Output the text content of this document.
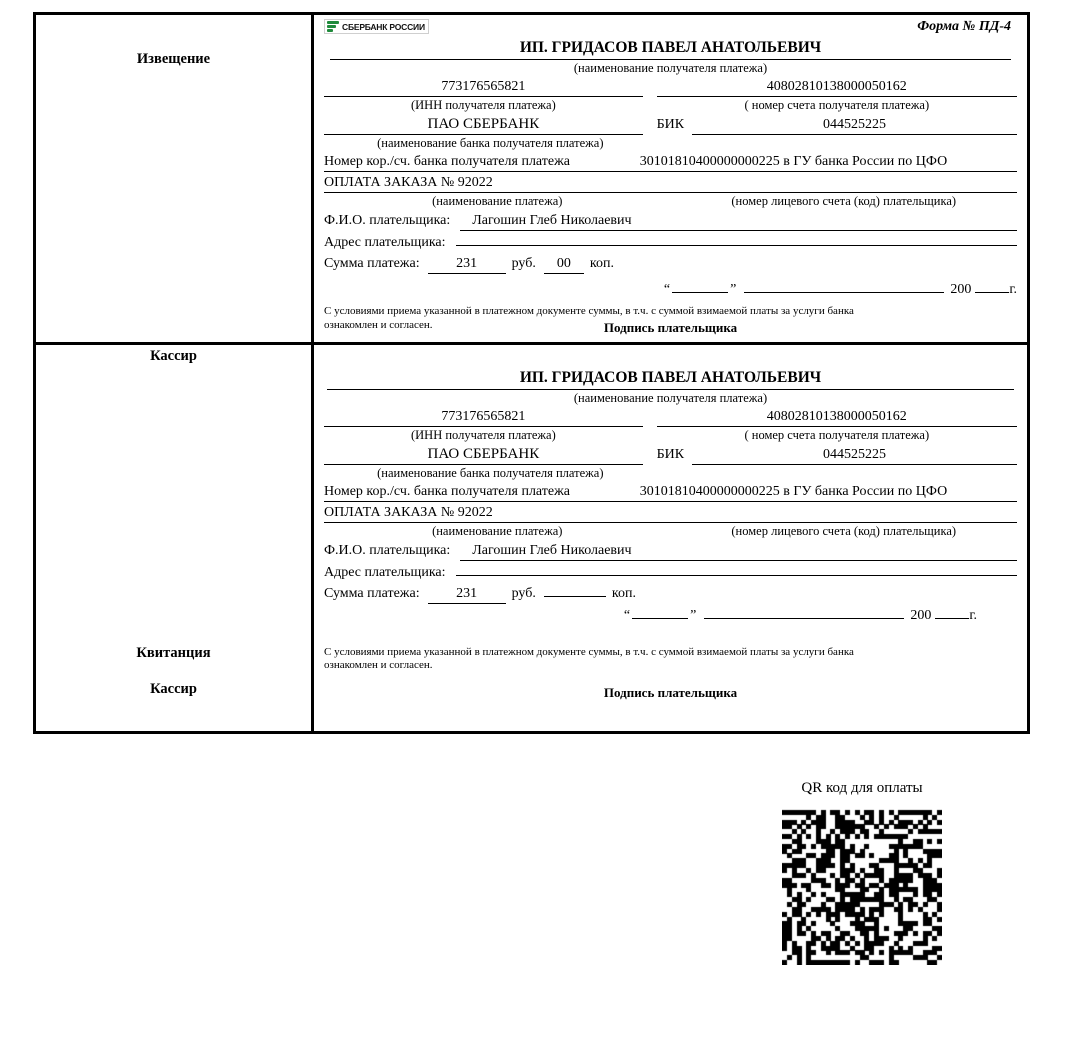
Извещение
Кассир
СБЕРБАНК РОССИИ	Форма № ПД-4
ИП. ГРИДАСОВ ПАВЕЛ АНАТОЛЬЕВИЧ
(наименование получателя платежа)
773176565821
(ИНН получателя платежа)
40802810138000050162
( номер счета получателя платежа)
ПАО СБЕРБАНК	БИК	044525225
(наименование банка получателя платежа)
Номер кор./сч. банка получателя платежа	30101810400000000225 в ГУ банка России по ЦФО
ОПЛАТА ЗАКАЗА № 92022
(наименование платежа)	(номер лицевого счета (код) плательщика)
Ф.И.О. плательщика:	Лагошин Глеб Николаевич
Адрес плательщика:
Сумма платежа:	231	руб.	00	коп.
“	”	200	г.
С условиями приема указанной в платежном документе суммы, в т.ч. с суммой взимаемой платы за услуги банка
ознакомлен и согласен.	Подпись плательщика
Квитанция
Кассир
ИП. ГРИДАСОВ ПАВЕЛ АНАТОЛЬЕВИЧ
(наименование получателя платежа)
773176565821
(ИНН получателя платежа)
40802810138000050162
( номер счета получателя платежа)
ПАО СБЕРБАНК	БИК	044525225
(наименование банка получателя платежа)
Номер кор./сч. банка получателя платежа	30101810400000000225 в ГУ банка России по ЦФО
ОПЛАТА ЗАКАЗА № 92022
(наименование платежа)	(номер лицевого счета (код) плательщика)
Ф.И.О. плательщика:	Лагошин Глеб Николаевич
Адрес плательщика:
Сумма платежа:	231	руб.	коп.
“	”	200	г.
С условиями приема указанной в платежном документе суммы, в т.ч. с суммой взимаемой платы за услуги банка
ознакомлен и согласен.
Подпись плательщика
QR код для оплаты
